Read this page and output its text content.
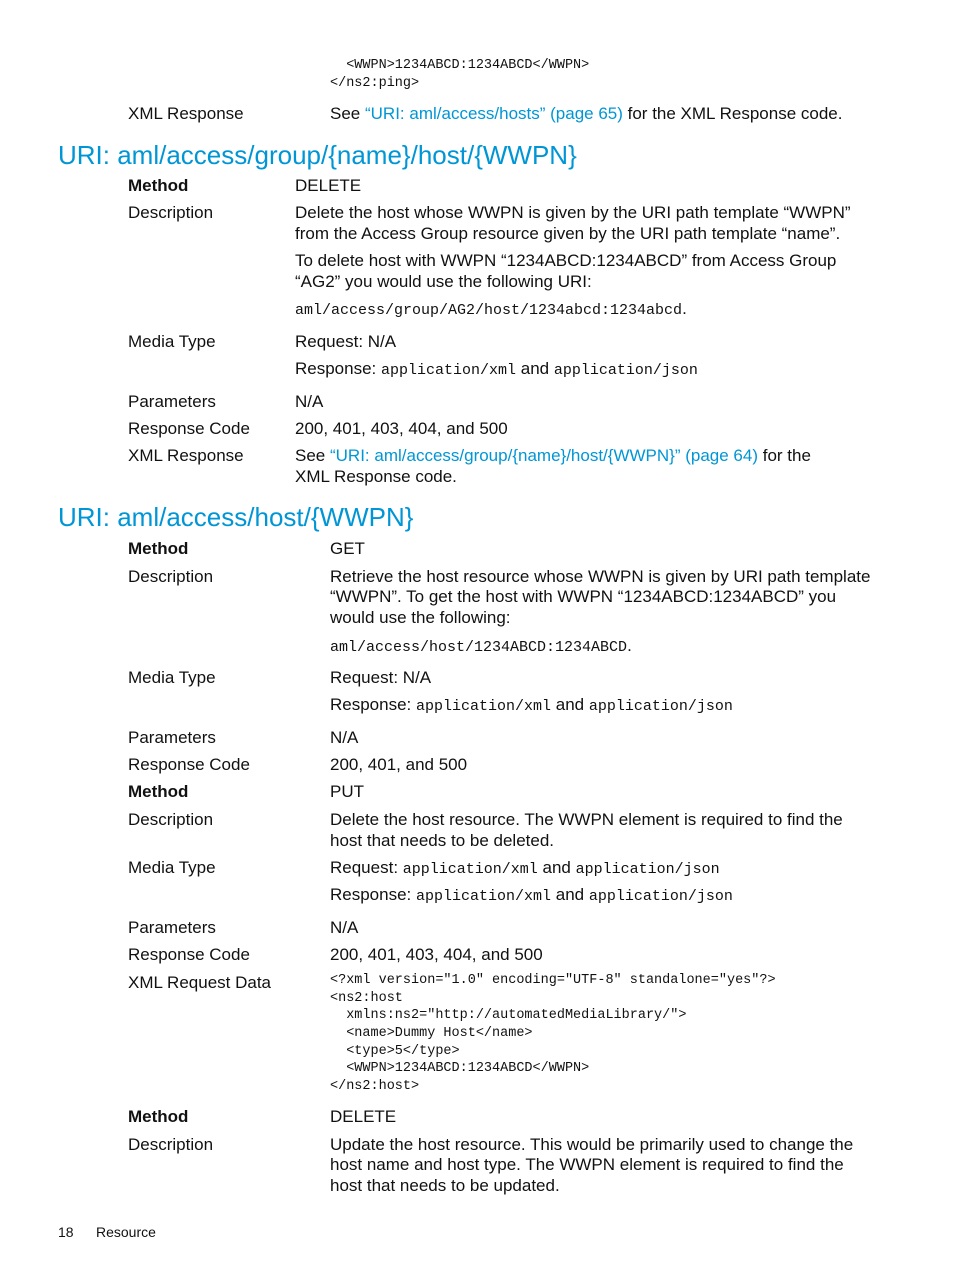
<WWPN>1234ABCD:1234ABCD</WWPN>
</ns2:ping>
XML Response	See “URI: aml/access/hosts” (page 65) for the XML Response code.
URI: aml/access/group/{name}/host/{WWPN}
Method	DELETE
Description	Delete the host whose WWPN is given by the URI path template “WWPN”
from the Access Group resource given by the URI path template “name”.
To delete host with WWPN “1234ABCD:1234ABCD” from Access Group
“AG2” you would use the following URI:
aml/access/group/AG2/host/1234abcd:1234abcd.
Media Type	Request: N/A
Response: application/xml and application/json
Parameters	N/A
Response Code	200, 401, 403, 404, and 500
XML Response	See “URI: aml/access/group/{name}/host/{WWPN}” (page 64) for the
XML Response code.
URI: aml/access/host/{WWPN}
Method	GET
Description	Retrieve the host resource whose WWPN is given by URI path template
“WWPN”. To get the host with WWPN “1234ABCD:1234ABCD” you
would use the following:
aml/access/host/1234ABCD:1234ABCD.
Media Type	Request: N/A
Response: application/xml and application/json
Parameters	N/A
Response Code	200, 401, and 500
Method	PUT
Description	Delete the host resource. The WWPN element is required to find the
host that needs to be deleted.
Media Type	Request: application/xml and application/json
Response: application/xml and application/json
Parameters	N/A
Response Code	200, 401, 403, 404, and 500
XML Request Data	<?xml version="1.0" encoding="UTF-8" standalone="yes"?>
<ns2:host
xmlns:ns2="http://automatedMediaLibrary/">
<name>Dummy Host</name>
<type>5</type>
<WWPN>1234ABCD:1234ABCD</WWPN>
</ns2:host>
Method	DELETE
Description	Update the host resource. This would be primarily used to change the
host name and host type. The WWPN element is required to find the
host that needs to be updated.
18 Resource
